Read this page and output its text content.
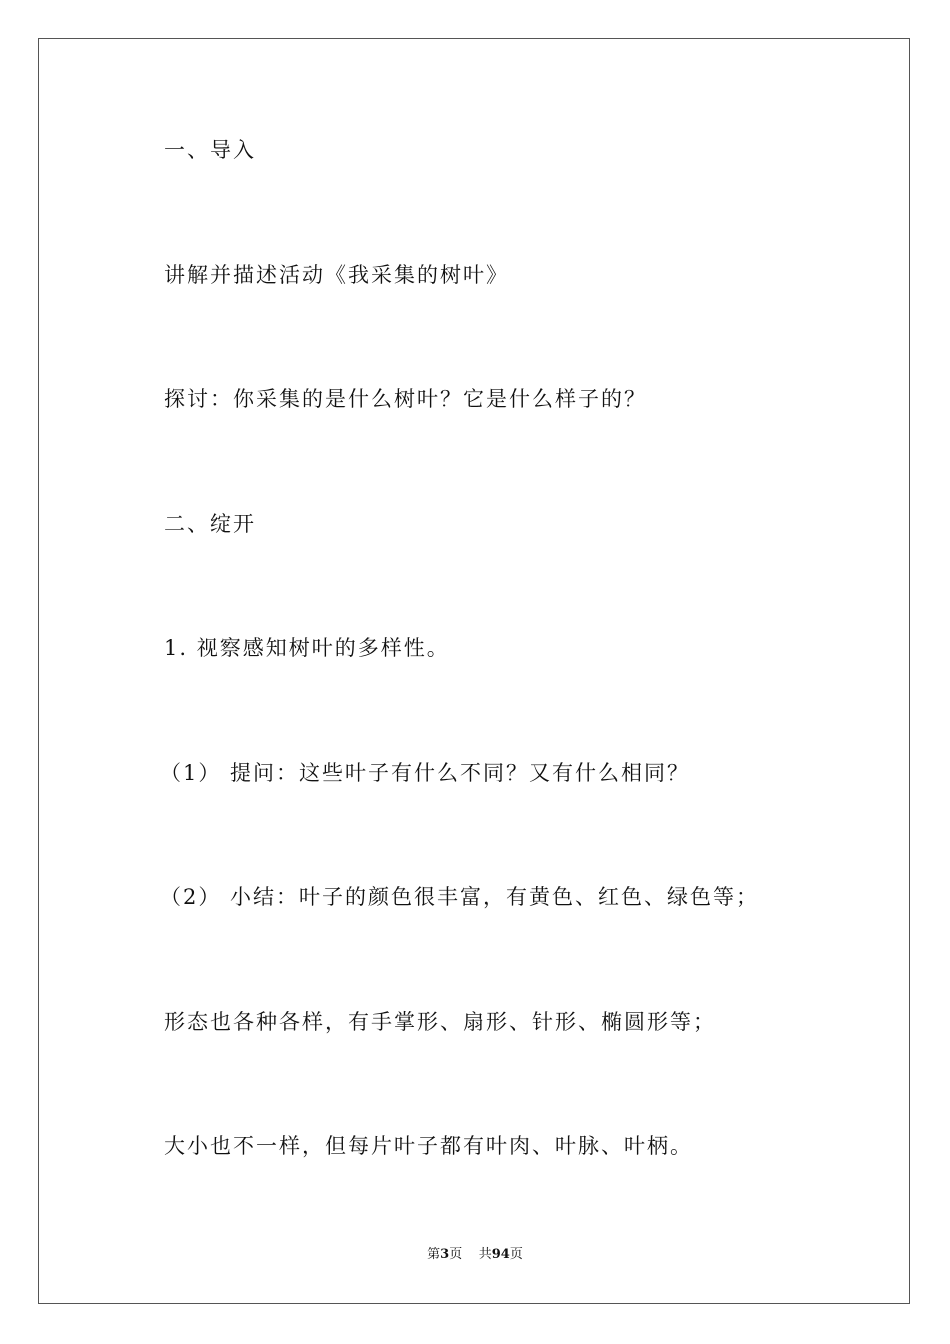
一、导入
讲解并描述活动《我采集的树叶》
探讨：你采集的是什么树叶？它是什么样子的？
二、绽开
1. 视察感知树叶的多样性。
（1） 提问：这些叶子有什么不同？又有什么相同？
（2） 小结：叶子的颜色很丰富，有黄色、红色、绿色等；
形态也各种各样，有手掌形、扇形、针形、椭圆形等；
大小也不一样，但每片叶子都有叶肉、叶脉、叶柄。
第3页    共94页
